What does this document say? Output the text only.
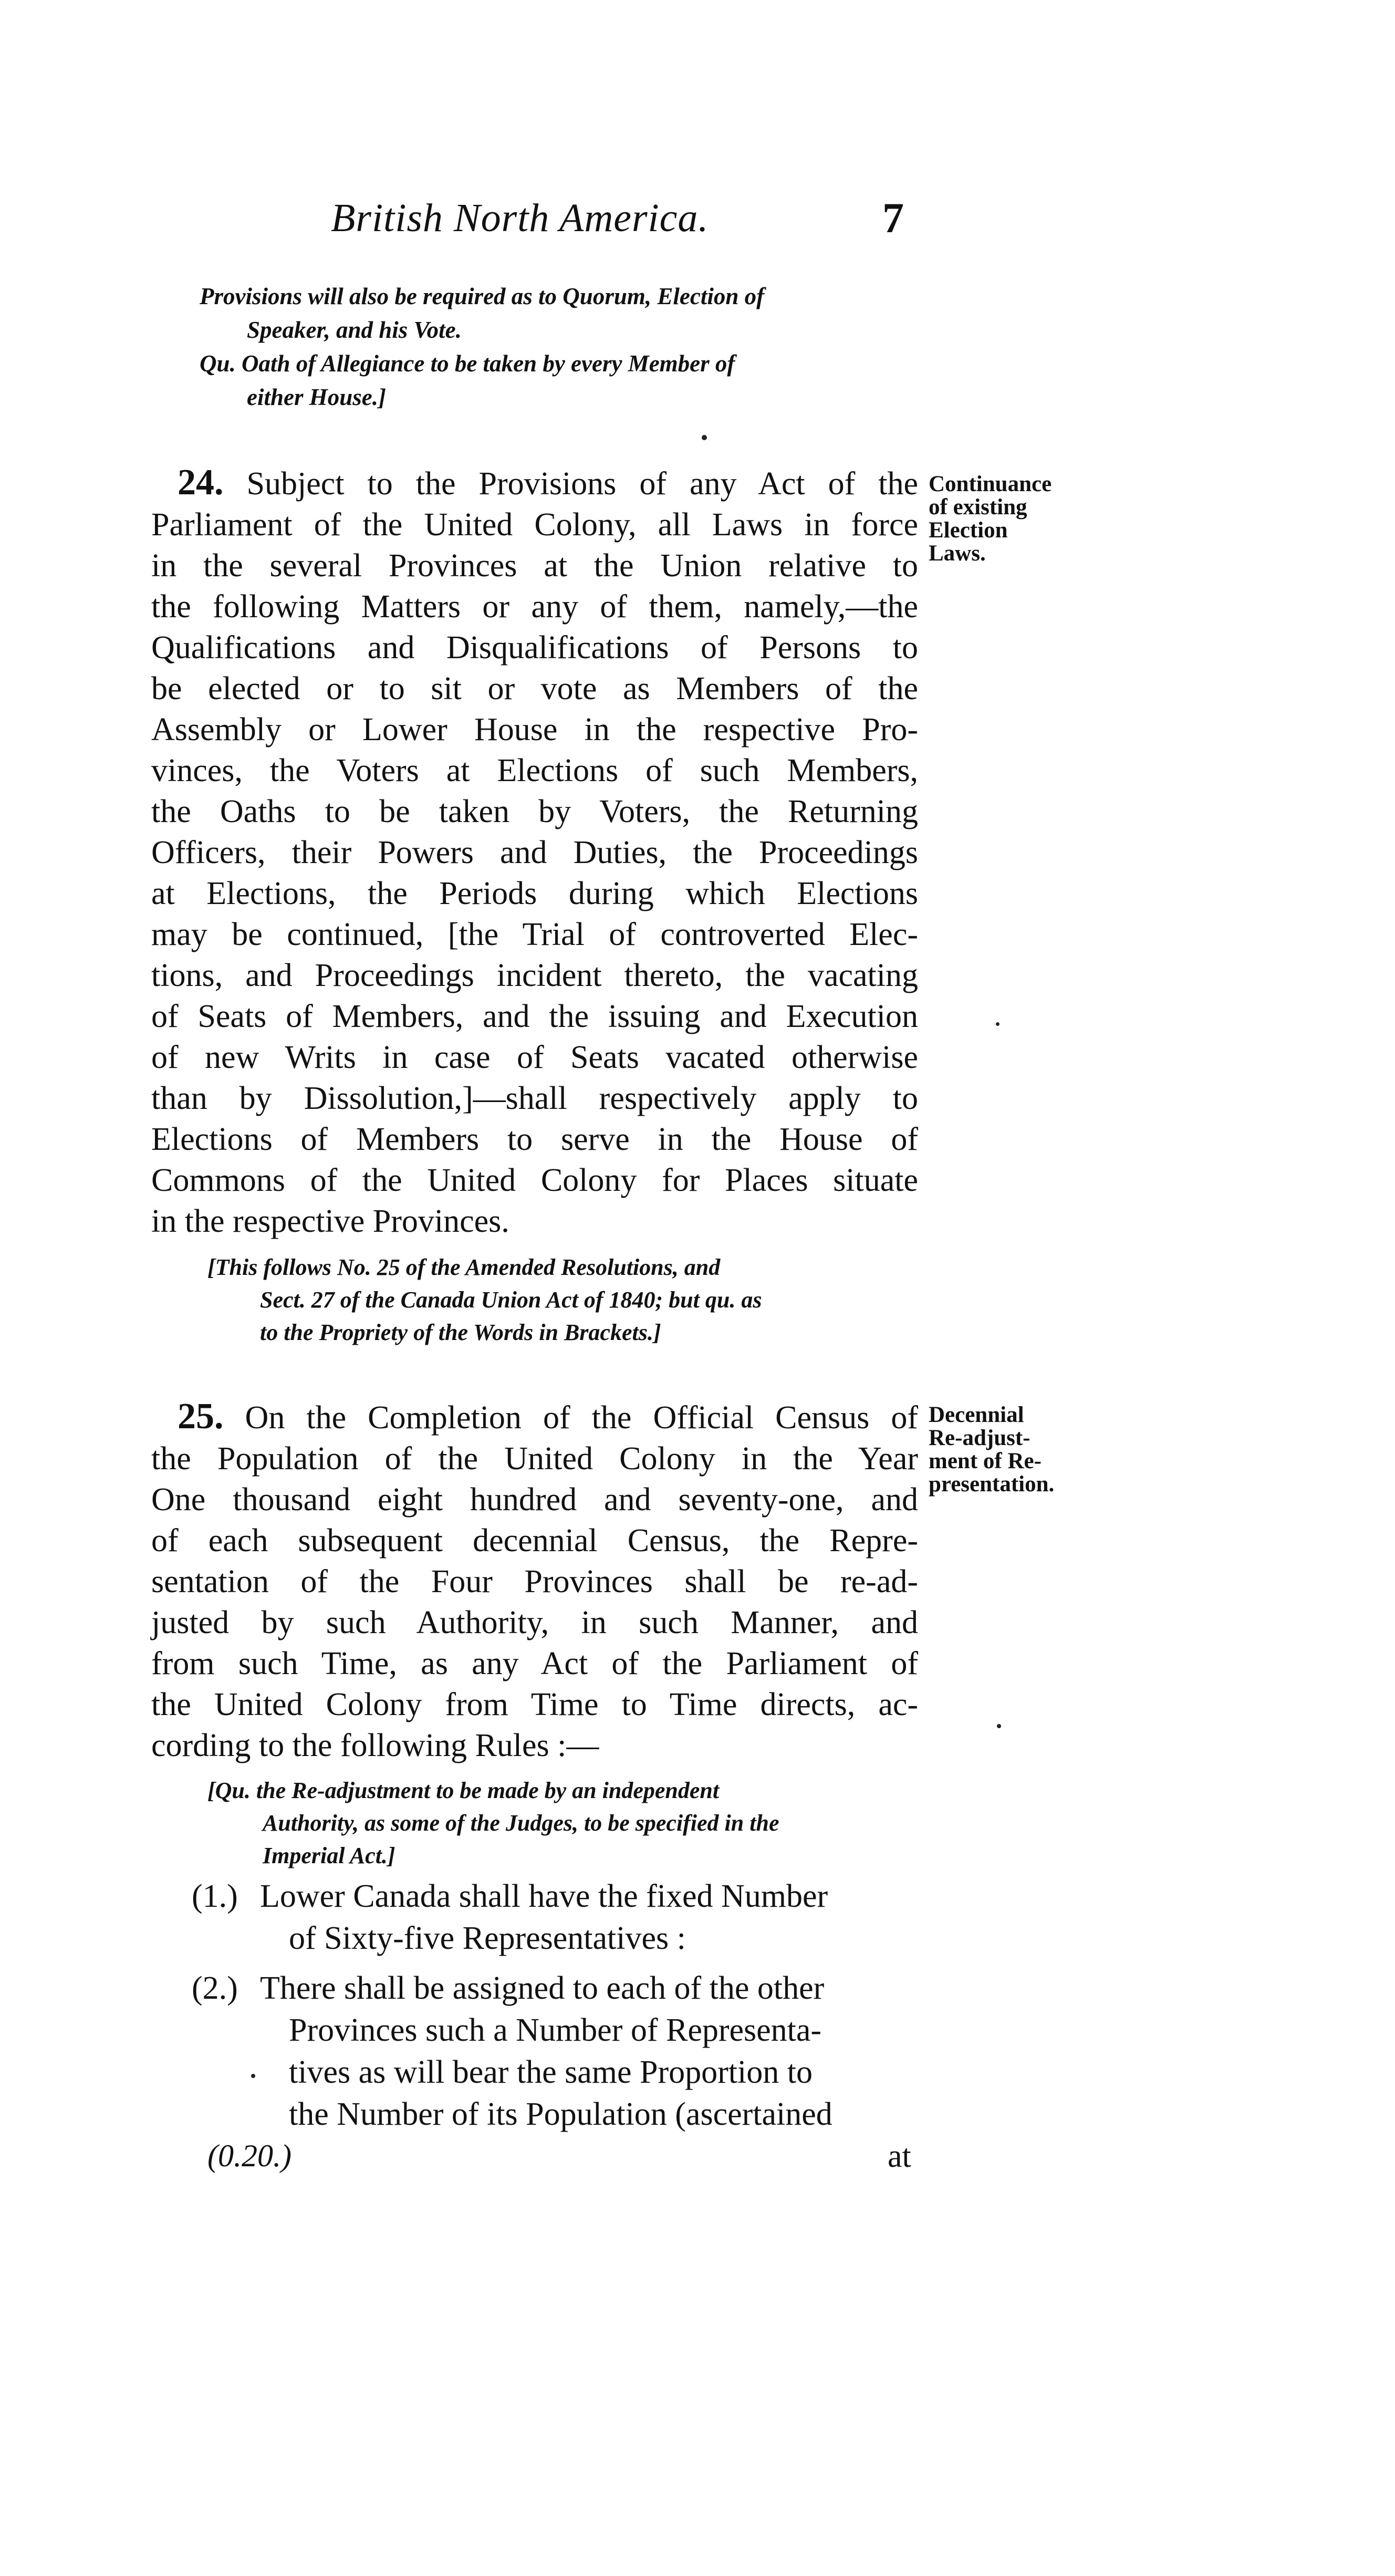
British North America.	7
Provisions will also be required as to Quorum, Election of
Speaker, and his Vote.
Qu. Oath of Allegiance to be taken by every Member of
either House.]
24. Subject to the Provisions of any Act of the
Parliament of the United Colony, all Laws in force
in the several Provinces at the Union relative to
the following Matters or any of them, namely,—the
Qualifications and Disqualifications of Persons to
be elected or to sit or vote as Members of the
Assembly or Lower House in the respective Pro-
vinces, the Voters at Elections of such Members,
the Oaths to be taken by Voters, the Returning
Officers, their Powers and Duties, the Proceedings
at Elections, the Periods during which Elections
may be continued, [the Trial of controverted Elec-
tions, and Proceedings incident thereto, the vacating
of Seats of Members, and the issuing and Execution
of new Writs in case of Seats vacated otherwise
than by Dissolution,]—shall respectively apply to
Elections of Members to serve in the House of
Commons of the United Colony for Places situate
in the respective Provinces.
Continuance
of existing
Election
Laws.
[This follows No. 25 of the Amended Resolutions, and
Sect. 27 of the Canada Union Act of 1840; but qu. as
to the Propriety of the Words in Brackets.]
25. On the Completion of the Official Census of
the Population of the United Colony in the Year
One thousand eight hundred and seventy-one, and
of each subsequent decennial Census, the Repre-
sentation of the Four Provinces shall be re-ad-
justed by such Authority, in such Manner, and
from such Time, as any Act of the Parliament of
the United Colony from Time to Time directs, ac-
cording to the following Rules :—
Decennial
Re-adjust-
ment of Re-
presentation.
[Qu. the Re-adjustment to be made by an independent
Authority, as some of the Judges, to be specified in the
Imperial Act.]
(1.) Lower Canada shall have the fixed Number
of Sixty-five Representatives :
(2.) There shall be assigned to each of the other
Provinces such a Number of Representa-
tives as will bear the same Proportion to
the Number of its Population (ascertained
(0.20.)	at
